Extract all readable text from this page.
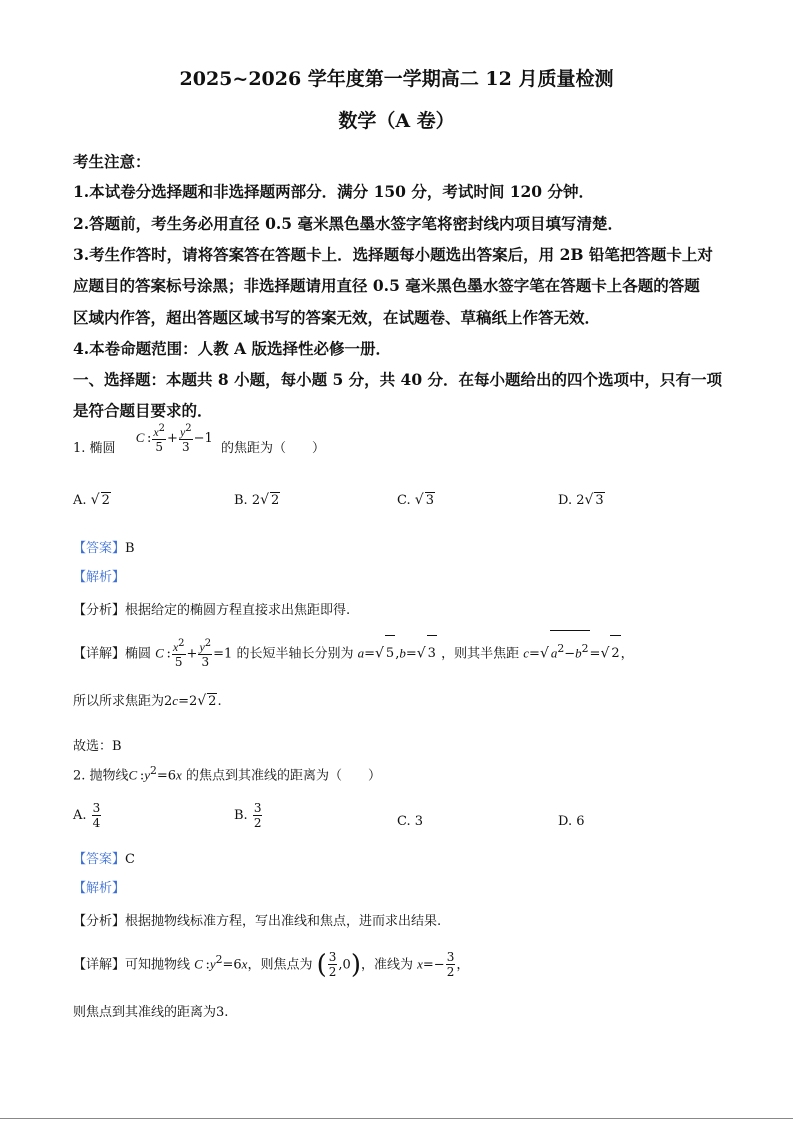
2025~2026 学年度第一学期高二 12 月质量检测
数学（A 卷）
考生注意：
1.本试卷分选择题和非选择题两部分．满分 150 分，考试时间 120 分钟．
2.答题前，考生务必用直径 0.5 毫米黑色墨水签字笔将密封线内项目填写清楚．
3.考生作答时，请将答案答在答题卡上．选择题每小题选出答案后，用 2B 铅笔把答题卡上对
应题目的答案标号涂黑；非选择题请用直径 0.5 毫米黑色墨水签字笔在答题卡上各题的答题
区域内作答，超出答题区域书写的答案无效，在试题卷、草稿纸上作答无效．
4.本卷命题范围：人教 A 版选择性必修一册．
一、选择题：本题共 8 小题，每小题 5 分，共 40 分．在每小题给出的四个选项中，只有一项
是符合题目要求的．
1. 椭圆 C : $\frac{x^2}{5} + \frac{y^2}{3} -1$ 的焦距为（　　）
A. √ 2	B. 2√ 2	C. √ 3	D. 2√ 3
【答案】B
【解析】
【分析】根据给定的椭圆方程直接求出焦距即得.
【详解】椭圆 C : $\frac{x^2}{5} + \frac{y^2}{3} =1$ 的长短半轴长分别为 a=√ 5,b=√ 3 ，则其半焦距 c=√ $a^2-b^2=√$ 2，
所以所求焦距为2c=2√ 2.
故选：B
2. 抛物线C $:y^2=6x$ 的焦点到其准线的距离为（　　）
A. $\frac{3}{4}$	B. $\frac{3}{2}$	C. 3	D. 6
【答案】C
【解析】
【分析】根据抛物线标准方程，写出准线和焦点，进而求出结果.
【详解】可知抛物线 C $:y^2=6x$，则焦点为 ( $\frac{3}{2} ,0$)，准线为 $x=- \frac{3}{2}$ ，
则焦点到其准线的距离为3.
